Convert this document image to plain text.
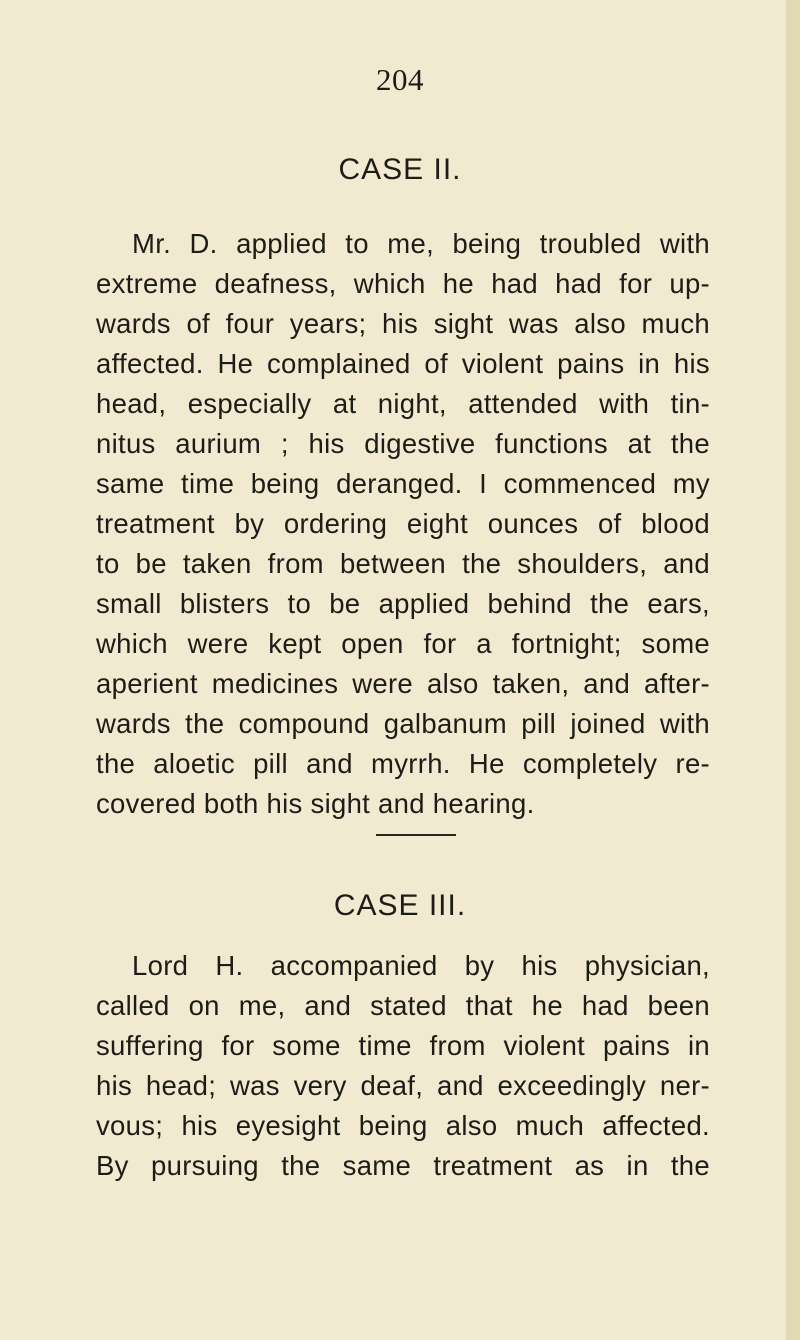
204
CASE II.

Mr. D. applied to me, being troubled with
extreme deafness, which he had had for up-
wards of four years; his sight was also much
affected. He complained of violent pains in his
head, especially at night, attended with tin-
nitus aurium ; his digestive functions at the
same time being deranged. I commenced my
treatment by ordering eight ounces of blood
to be taken from between the shoulders, and
small blisters to be applied behind the ears,
which were kept open for a fortnight; some
aperient medicines were also taken, and after-
wards the compound galbanum pill joined with
the aloetic pill and myrrh. He completely re-
covered both his sight and hearing.

CASE III.

Lord H. accompanied by his physician,
called on me, and stated that he had been
suffering for some time from violent pains in
his head; was very deaf, and exceedingly ner-
vous; his eyesight being also much affected.
By pursuing the same treatment as in the
